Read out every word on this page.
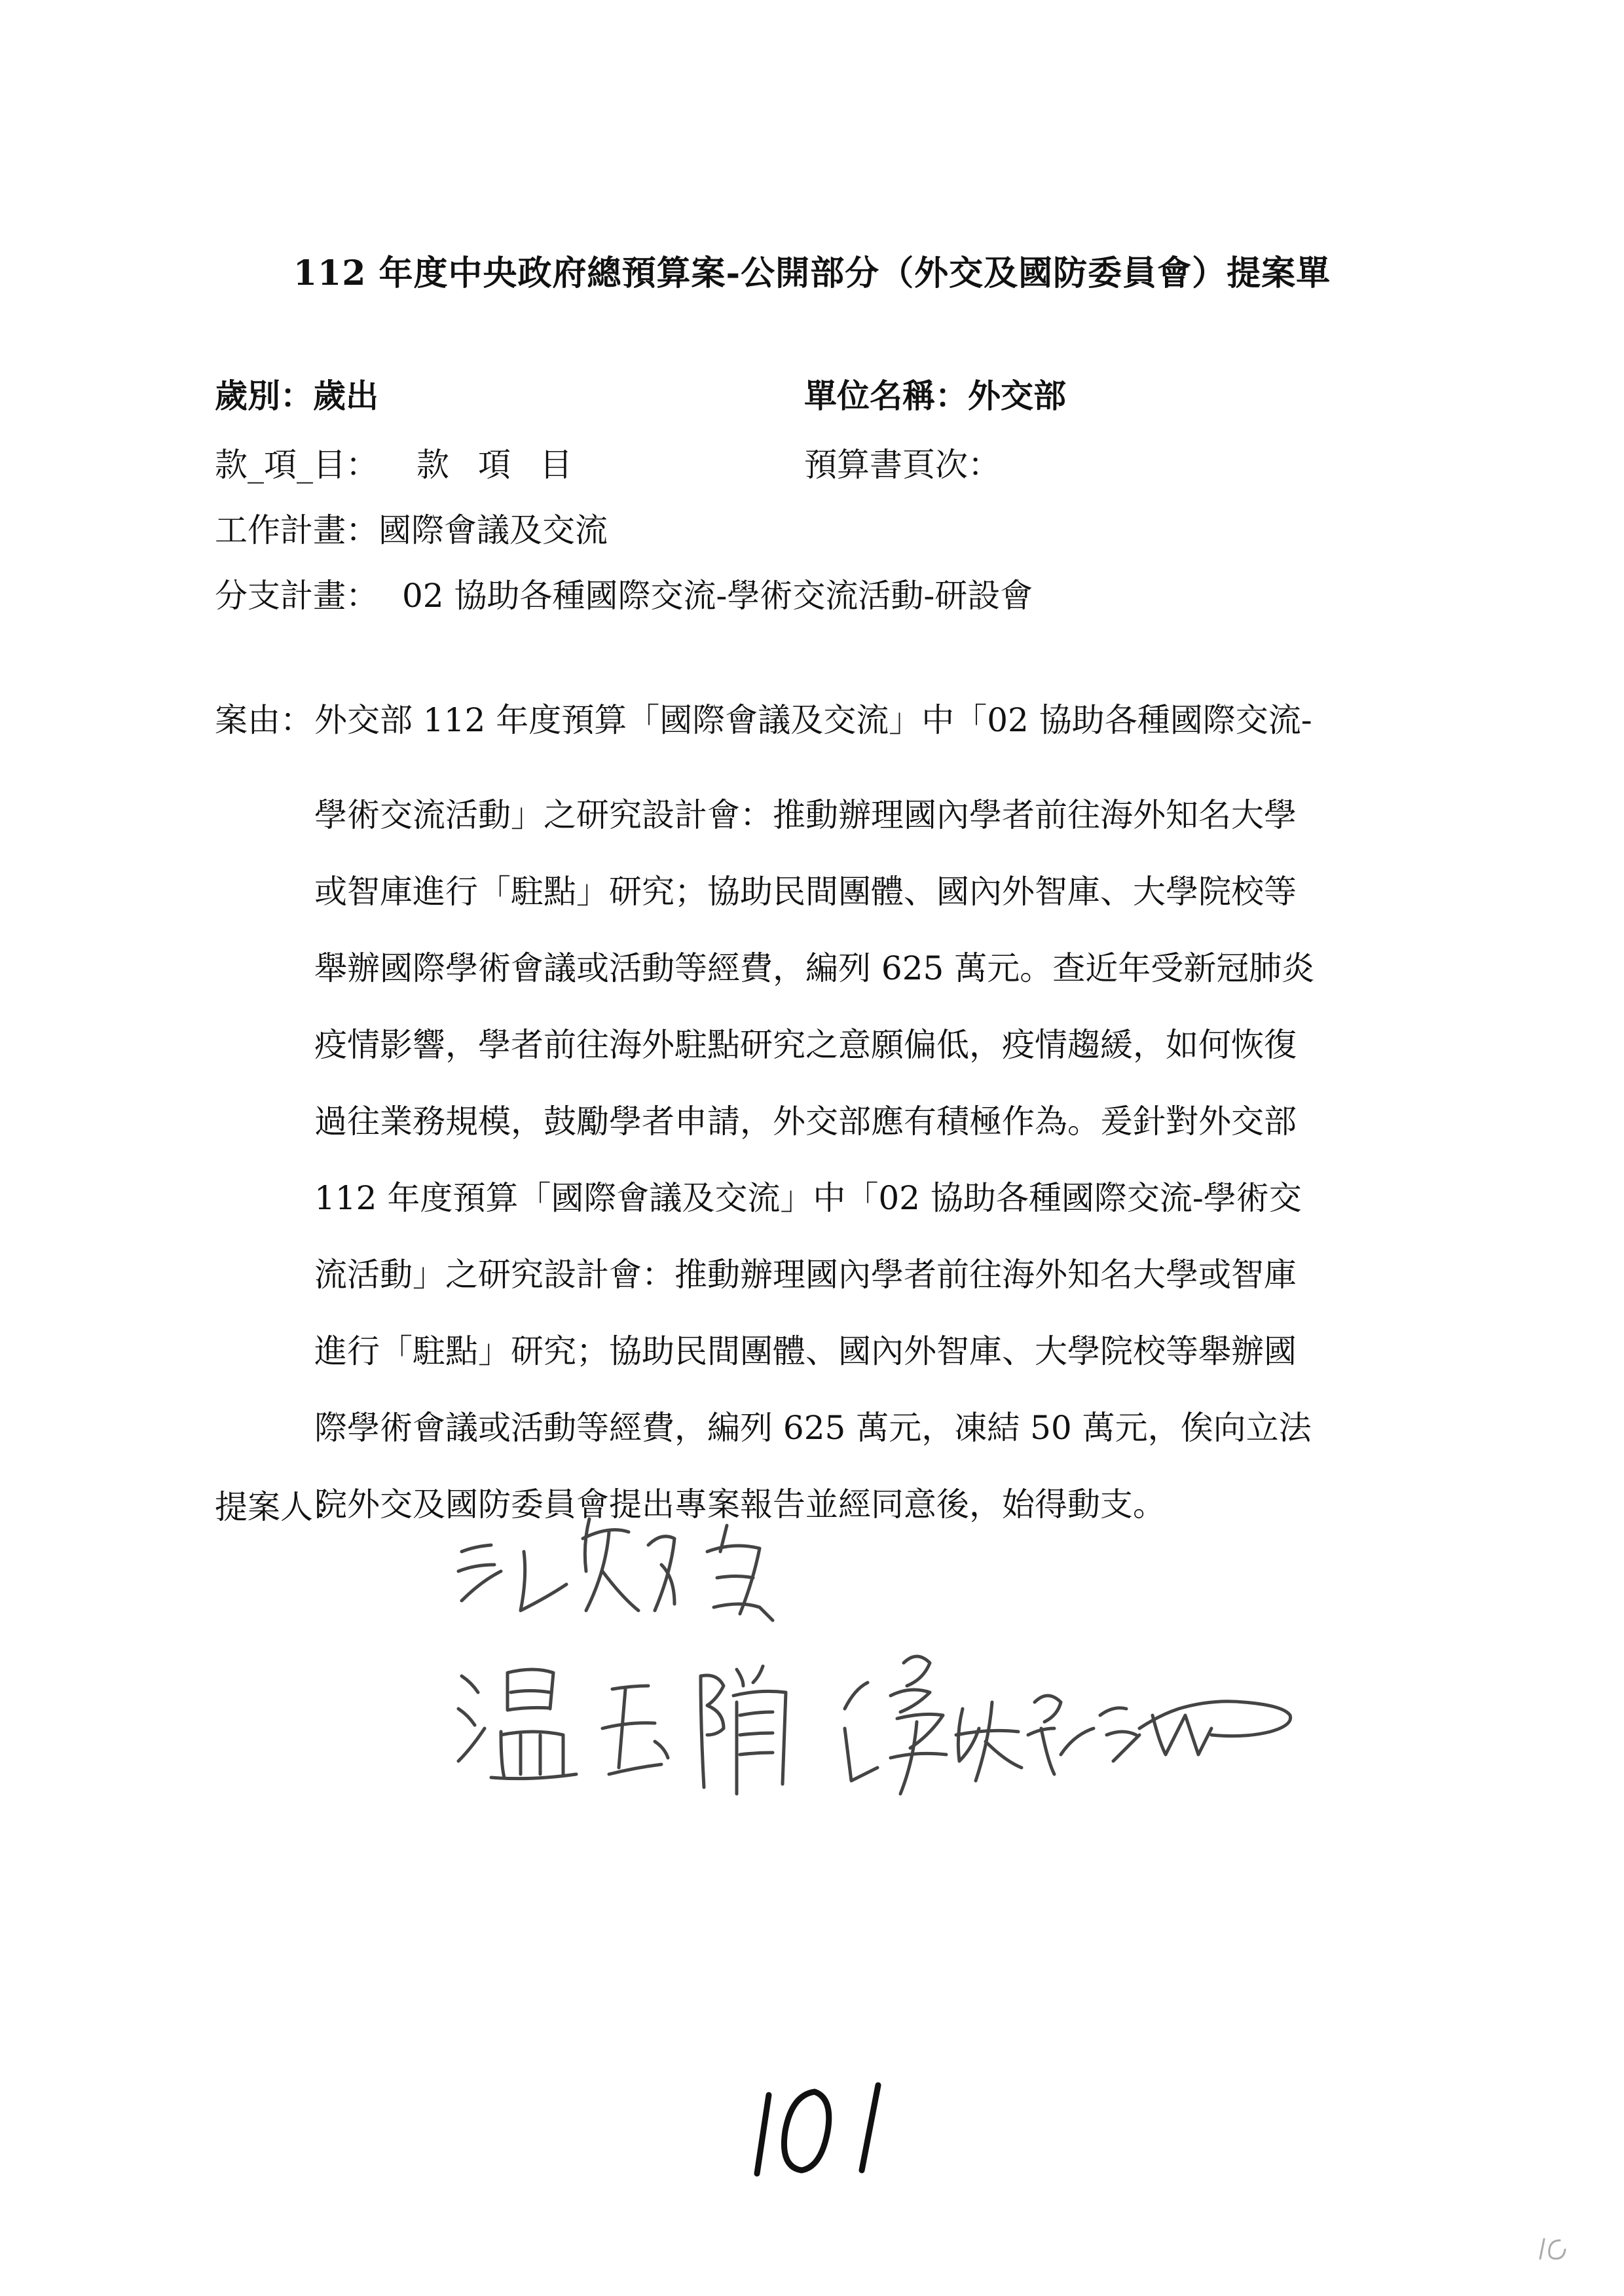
112 年度中央政府總預算案-公開部分（外交及國防委員會）提案單
歲別：歲出	單位名稱：外交部
款_項_目： 款項目	預算書頁次：
工作計畫：國際會議及交流
分支計畫： 02 協助各種國際交流-學術交流活動-研設會
案由： 外交部 112 年度預算「國際會議及交流」中「02 協助各種國際交流-

學術交流活動」之研究設計會：推動辦理國內學者前往海外知名大學

或智庫進行「駐點」研究；協助民間團體、國內外智庫、大學院校等

舉辦國際學術會議或活動等經費，編列 625 萬元。查近年受新冠肺炎

疫情影響，學者前往海外駐點研究之意願偏低，疫情趨緩，如何恢復

過往業務規模，鼓勵學者申請，外交部應有積極作為。爰針對外交部

112 年度預算「國際會議及交流」中「02 協助各種國際交流-學術交

流活動」之研究設計會：推動辦理國內學者前往海外知名大學或智庫

進行「駐點」研究；協助民間團體、國內外智庫、大學院校等舉辦國

際學術會議或活動等經費，編列 625 萬元，凍結 50 萬元，俟向立法

院外交及國防委員會提出專案報告並經同意後，始得動支。

提案人：
101
10
